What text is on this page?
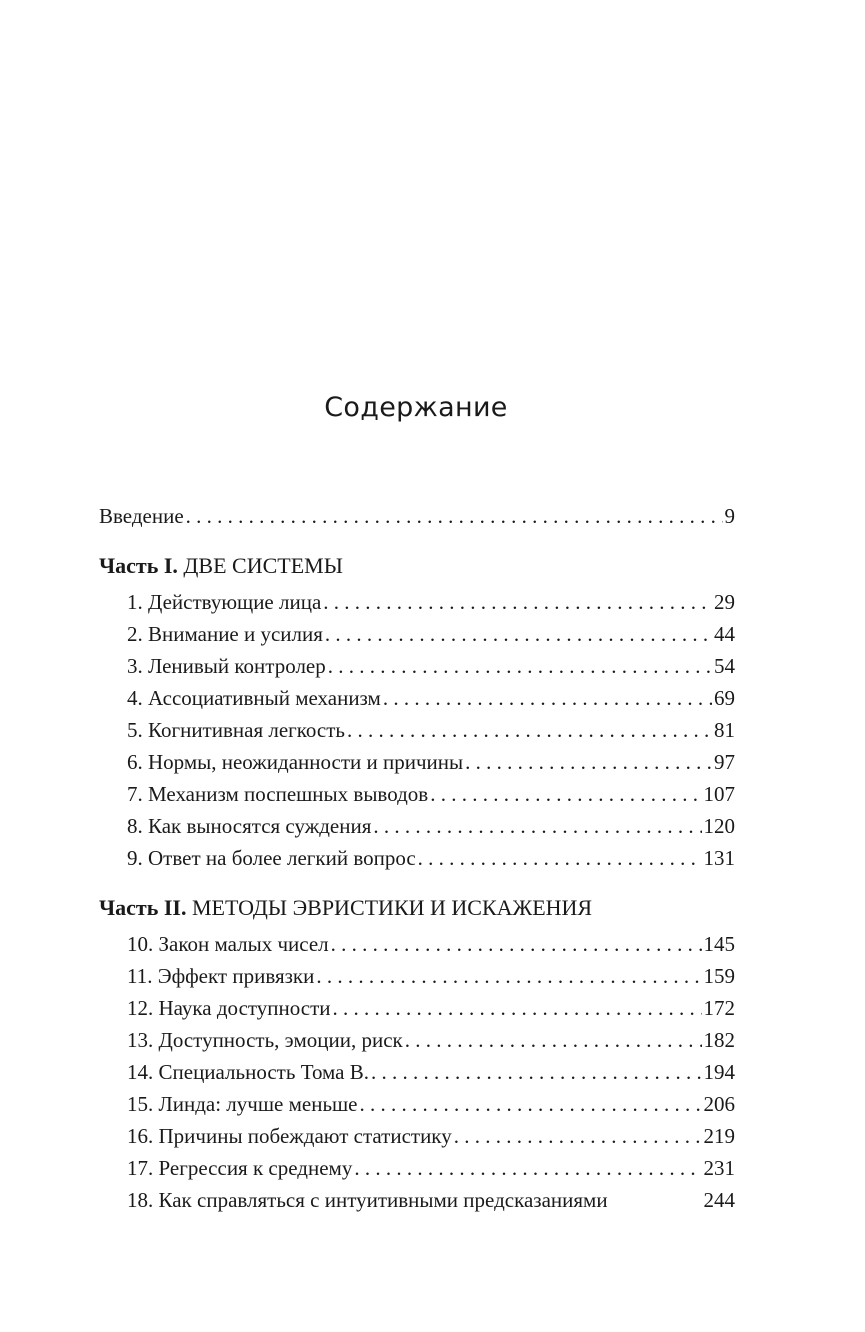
Содержание
Введение . . .	9
Часть I. ДВЕ СИСТЕМЫ
1. Действующие лица . . .	29
2. Внимание и усилия . . .	44
3. Ленивый контролер . . .	54
4. Ассоциативный механизм . . .	69
5. Когнитивная легкость . . .	81
6. Нормы, неожиданности и причины . . .	97
7. Механизм поспешных выводов . . .	107
8. Как выносятся суждения . . .	120
9. Ответ на более легкий вопрос . . .	131
Часть II. МЕТОДЫ ЭВРИСТИКИ И ИСКАЖЕНИЯ
10. Закон малых чисел . . .	145
11. Эффект привязки . . .	159
12. Наука доступности . . .	172
13. Доступность, эмоции, риск . . .	182
14. Специальность Тома В. . . .	194
15. Линда: лучше меньше . . .	206
16. Причины побеждают статистику . . .	219
17. Регрессия к среднему . . .	231
18. Как справляться с интуитивными предсказаниями	244
